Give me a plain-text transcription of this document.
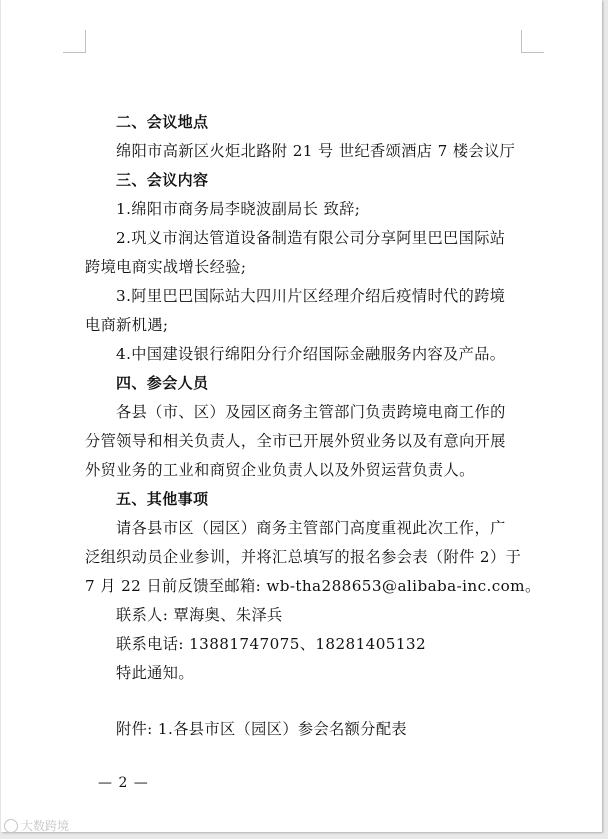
二、会议地点

绵阳市高新区火炬北路附 21 号 世纪香颂酒店 7 楼会议厅

三、会议内容

1.绵阳市商务局李晓波副局长 致辞;

2.巩义市润达管道设备制造有限公司分享阿里巴巴国际站

跨境电商实战增长经验;

3.阿里巴巴国际站大四川片区经理介绍后疫情时代的跨境

电商新机遇;

4.中国建设银行绵阳分行介绍国际金融服务内容及产品。

四、参会人员

各县（市、区）及园区商务主管部门负责跨境电商工作的

分管领导和相关负责人，全市已开展外贸业务以及有意向开展

外贸业务的工业和商贸企业负责人以及外贸运营负责人。

五、其他事项

请各县市区（园区）商务主管部门高度重视此次工作，广

泛组织动员企业参训，并将汇总填写的报名参会表（附件 2）于

7 月 22 日前反馈至邮箱: wb-tha288653@alibaba-inc.com。

联系人: 覃海奥、朱泽兵

联系电话: 13881747075、18281405132

特此通知。

附件: 1.各县市区（园区）参会名额分配表

— 2 —
大数跨境
